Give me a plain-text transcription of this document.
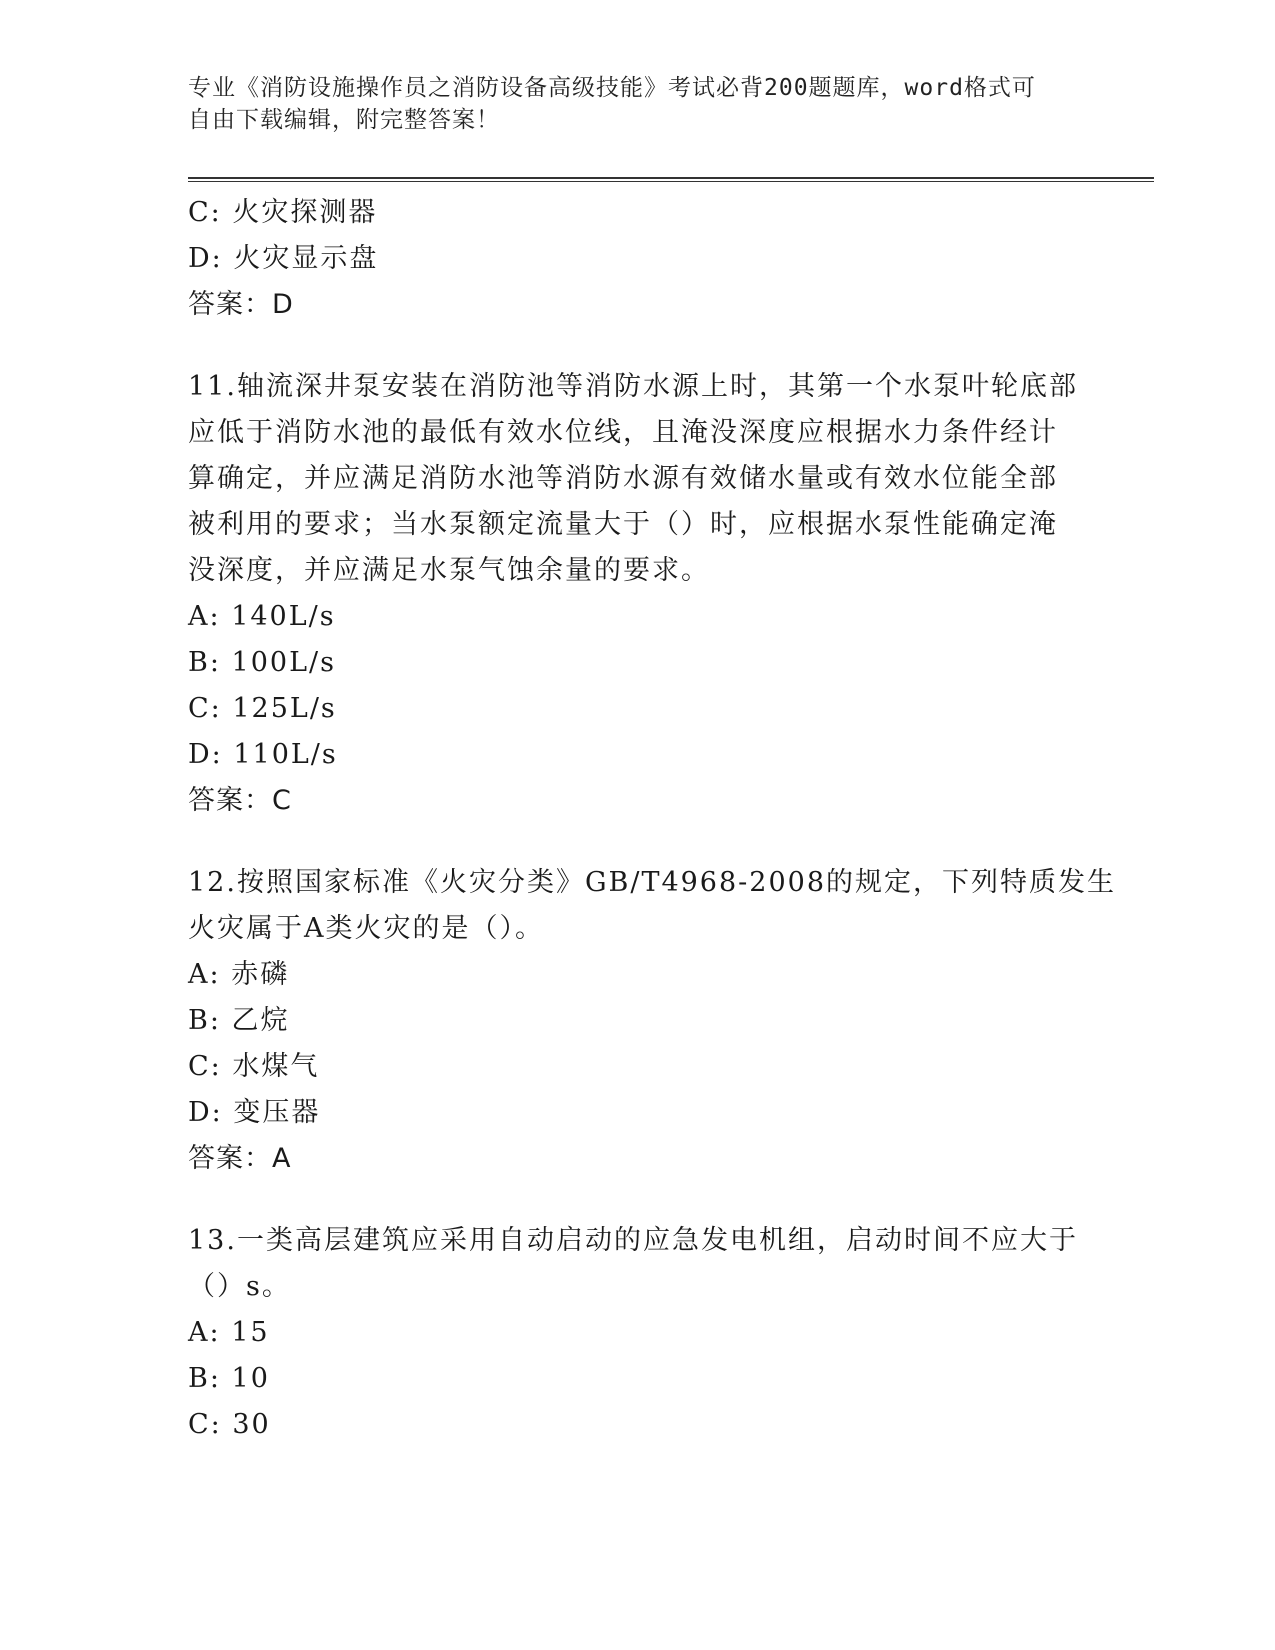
专业《消防设施操作员之消防设备高级技能》考试必背200题题库，word格式可
自由下载编辑，附完整答案！
C: 火灾探测器
D: 火灾显示盘
答案：D
11.轴流深井泵安装在消防池等消防水源上时，其第一个水泵叶轮底部
应低于消防水池的最低有效水位线，且淹没深度应根据水力条件经计
算确定，并应满足消防水池等消防水源有效储水量或有效水位能全部
被利用的要求；当水泵额定流量大于（）时，应根据水泵性能确定淹
没深度，并应满足水泵气蚀余量的要求。
A: 140L/s
B: 100L/s
C: 125L/s
D: 110L/s
答案：C
12.按照国家标准《火灾分类》GB/T4968-2008的规定，下列特质发生
火灾属于A类火灾的是（）。
A: 赤磷
B: 乙烷
C: 水煤气
D: 变压器
答案：A
13.一类高层建筑应采用自动启动的应急发电机组，启动时间不应大于
（）s。
A: 15
B: 10
C: 30
